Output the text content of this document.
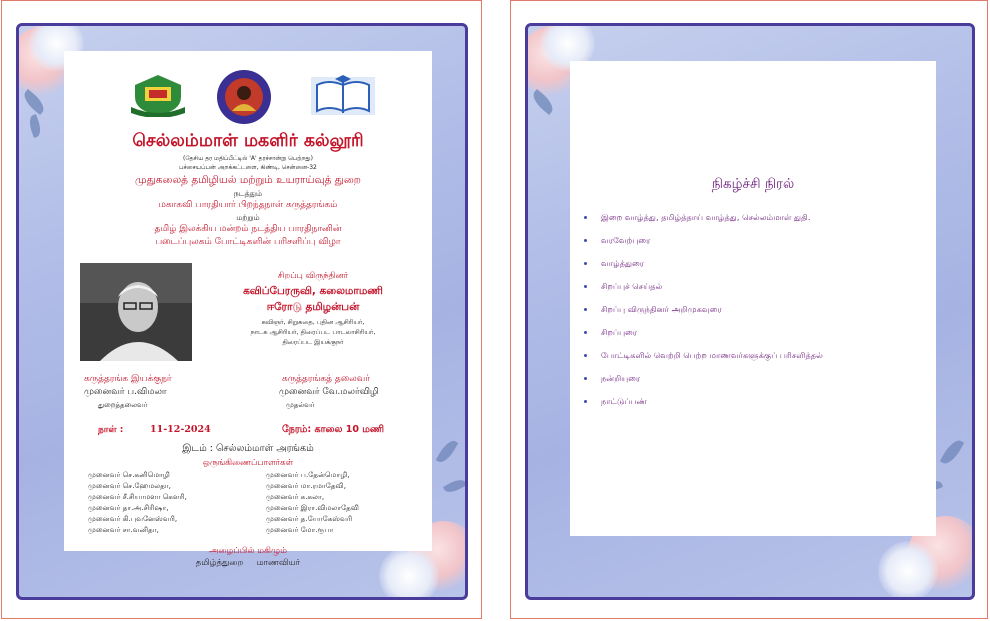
செல்லம்மாள் மகளிர் கல்லூரி
(தேசிய தர மதிப்பீட்டில் 'A' தரச்சான்று பெற்றது)
பச்சையப்பன் அறக்கட்டளை, கிண்டி, சென்னை-32
முதுகலைத் தமிழியல் மற்றும் உயராய்வுத் துறை
நடத்தும்
மகாகவி பாரதியார் பிறந்தநாள் கருத்தரங்கம்
மற்றும்
தமிழ் இலக்கிய மன்றம் நடத்திய பாரதிநானின்
படைப்புலகம் போட்டிகளின் பரிசளிப்பு விழா
சிறப்பு விருந்தினர்
கவிப்பேரருவி, கலைமாமணி
ஈரோடு தமிழன்பன்
கவிஞர், சிறுகதை, புதின ஆசிரியர்,
நாடக ஆசிரியர், திரைப்பட பாடலாசிரியர்,
திரைப்பட இயக்குநர்
கருத்தரங்க இயக்குநர்
முனைவர் ப.விமலா
துறைத்தலைவர்
கருத்தரங்கத் தலைவர்
முனைவர் வே.மலர்விழி
முதல்வர்
நாள் :	11-12-2024	நேரம்: காலை 10 மணி
இடம் : செல்லம்மாள் அரங்கம்
ஒருங்கிணைப்பாளர்கள்
முனைவர் செ.கனிமொழி
முனைவர் செ.ஹேமலதா,
முனைவர் சீ.சியாமளா கௌரி,
முனைவர் தா.அ.சிரிஷா,
முனைவர் கி.புவனேஸ்வரி,
முனைவர் சா.வனிதா,
முனைவர் ப.தேன்மொழி,
முனைவர் மா.ரமாதேவி,
முனைவர் க.கலா,
முனைவர் இரா.விமலாதேவி
முனைவர் த.யோகேஸ்வரி
முனைவர் மோ.ரூபா
அழைப்பில் மகிழும்
தமிழ்த்துறை     மாணவியர்
நிகழ்ச்சி நிரல்
இறை வாழ்த்து, தமிழ்த்தாய் வாழ்த்து, செல்லம்மாள் துதி.
வரவேற்புரை
வாழ்த்துரை
சிறப்புச் செய்தல்
சிறப்பு விருந்தினர் அறிமுகவுரை
சிறப்புரை
போட்டிகளில் வெற்றி பெற்ற மாணவர்களுக்குப் பரிசளித்தல்
நன்றியுரை
நாட்டுப்பண்
